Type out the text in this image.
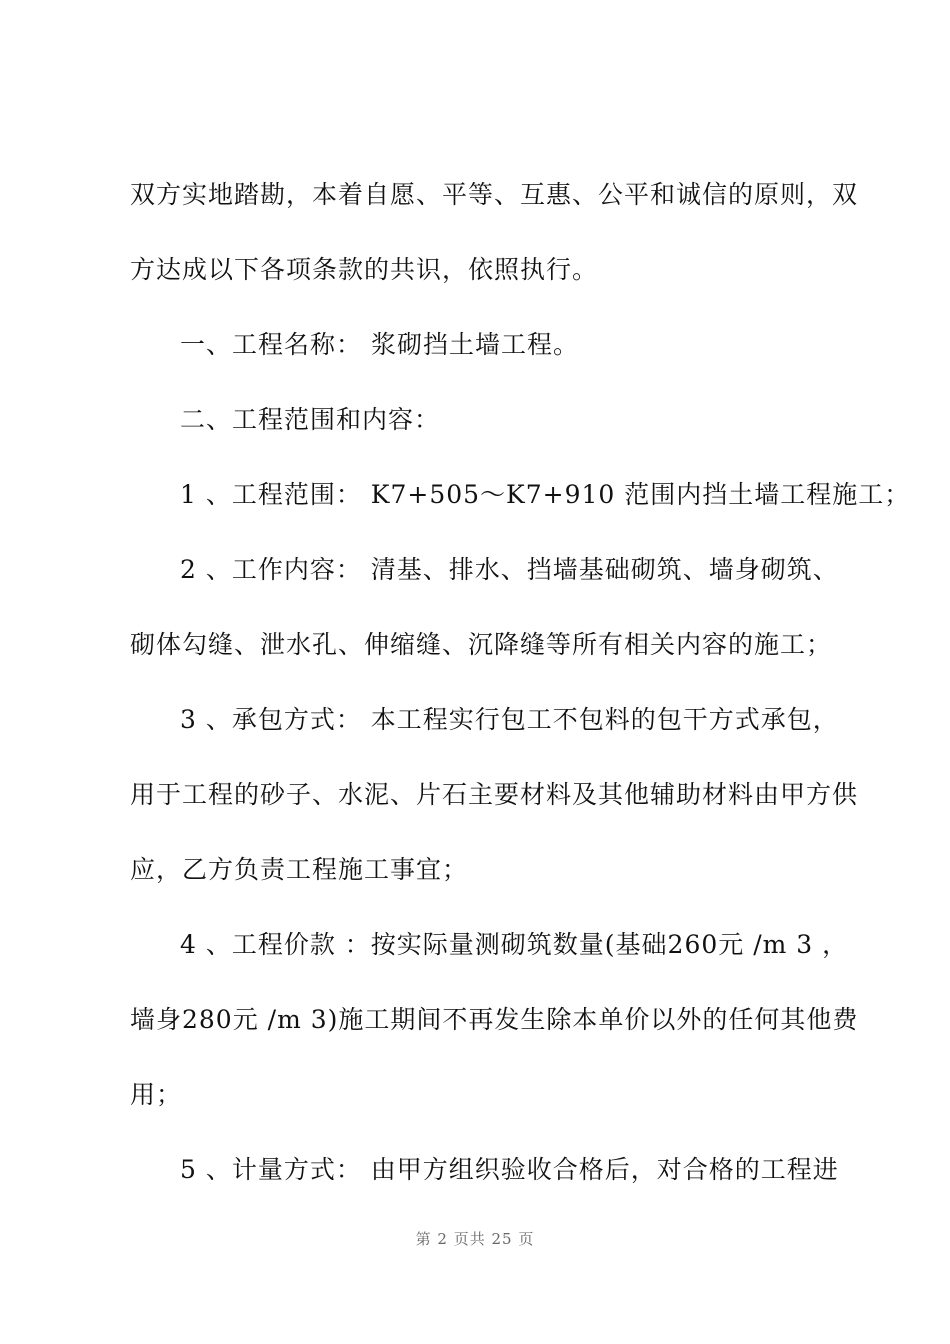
双方实地踏勘，本着自愿、平等、互惠、公平和诚信的原则，双
方达成以下各项条款的共识，依照执行。
一、工程名称： 浆砌挡土墙工程。
二、工程范围和内容：
1 、工程范围： K7+505～K7+910 范围内挡土墙工程施工；
2 、工作内容： 清基、排水、挡墙基础砌筑、墙身砌筑、
砌体勾缝、泄水孔、伸缩缝、沉降缝等所有相关内容的施工；
3 、承包方式： 本工程实行包工不包料的包干方式承包，
用于工程的砂子、水泥、片石主要材料及其他辅助材料由甲方供
应，乙方负责工程施工事宜；
4 、工程价款 ：按实际量测砌筑数量(基础260元 /m 3 ，
墙身280元 /m 3)施工期间不再发生除本单价以外的任何其他费
用；
5 、计量方式： 由甲方组织验收合格后，对合格的工程进
第 2 页共 25 页
